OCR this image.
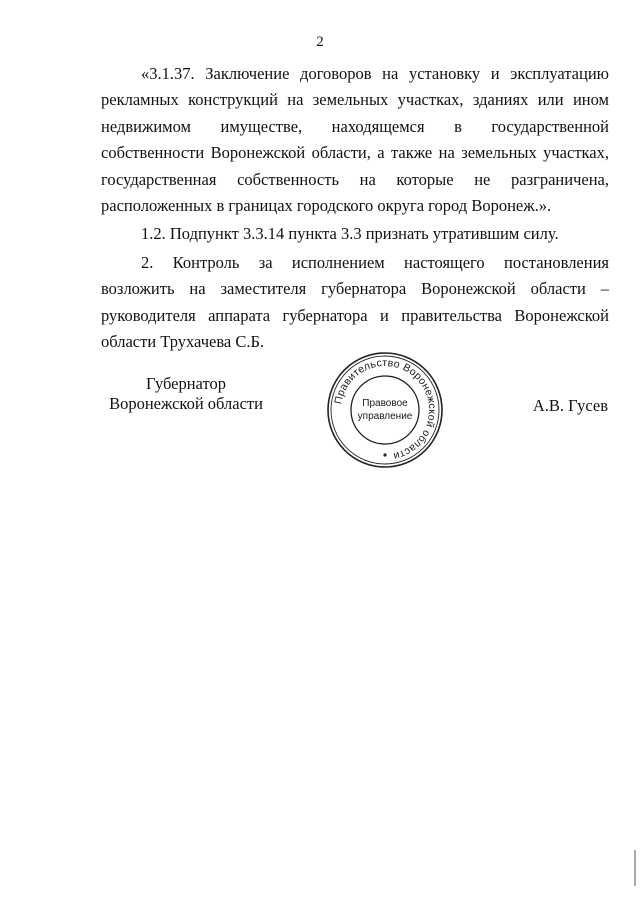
2

«3.1.37. Заключение договоров на установку и эксплуатацию рекламных конструкций на земельных участках, зданиях или ином недвижимом имуществе, находящемся в государственной собственности Воронежской области, а также на земельных участках, государственная собственность на которые не разграничена, расположенных в границах городского округа город Воронеж.».

1.2. Подпункт 3.3.14 пункта 3.3 признать утратившим силу.

2. Контроль за исполнением настоящего постановления возложить на заместителя губернатора Воронежской области – руководителя аппарата губернатора и правительства Воронежской области Трухачева С.Б.

Губернатор
Воронежской области	Правительство Воронежской области
Правовое
управление
А.В. Гусев
